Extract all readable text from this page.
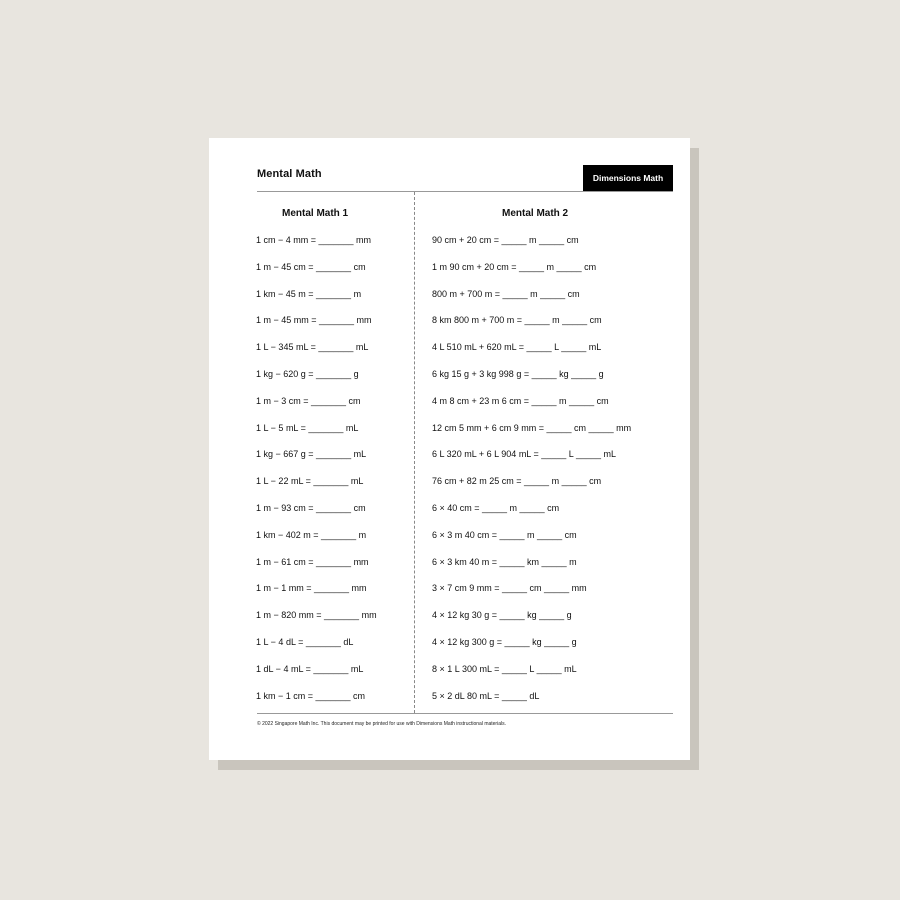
Mental Math	Dimensions Math
Mental Math 1
1 cm − 4 mm = _______ mm
1 m − 45 cm = _______ cm
1 km − 45 m = _______ m
1 m − 45 mm = _______ mm
1 L − 345 mL = _______ mL
1 kg − 620 g = _______ g
1 m − 3 cm = _______ cm
1 L − 5 mL = _______ mL
1 kg − 667 g = _______ mL
1 L − 22 mL = _______ mL
1 m − 93 cm = _______ cm
1 km − 402 m = _______ m
1 m − 61 cm = _______ mm
1 m − 1 mm = _______ mm
1 m − 820 mm = _______ mm
1 L − 4 dL = _______ dL
1 dL − 4 mL = _______ mL
1 km − 1 cm = _______ cm
Mental Math 2
90 cm + 20 cm = _____ m _____ cm
1 m 90 cm + 20 cm = _____ m _____ cm
800 m + 700 m = _____ m _____ cm
8 km 800 m + 700 m = _____ m _____ cm
4 L 510 mL + 620 mL = _____ L _____ mL
6 kg 15 g + 3 kg 998 g = _____ kg _____ g
4 m 8 cm + 23 m 6 cm = _____ m _____ cm
12 cm 5 mm + 6 cm 9 mm = _____ cm _____ mm
6 L 320 mL + 6 L 904 mL = _____ L _____ mL
76 cm + 82 m 25 cm = _____ m _____ cm
6 × 40 cm = _____ m _____ cm
6 × 3 m 40 cm = _____ m _____ cm
6 × 3 km 40 m = _____ km _____ m
3 × 7 cm 9 mm = _____ cm _____ mm
4 × 12 kg 30 g = _____ kg _____ g
4 × 12 kg 300 g = _____ kg _____ g
8 × 1 L 300 mL = _____ L _____ mL
5 × 2 dL 80 mL = _____ dL
© 2022 Singapore Math Inc. This document may be printed for use with Dimensions Math instructional materials.
